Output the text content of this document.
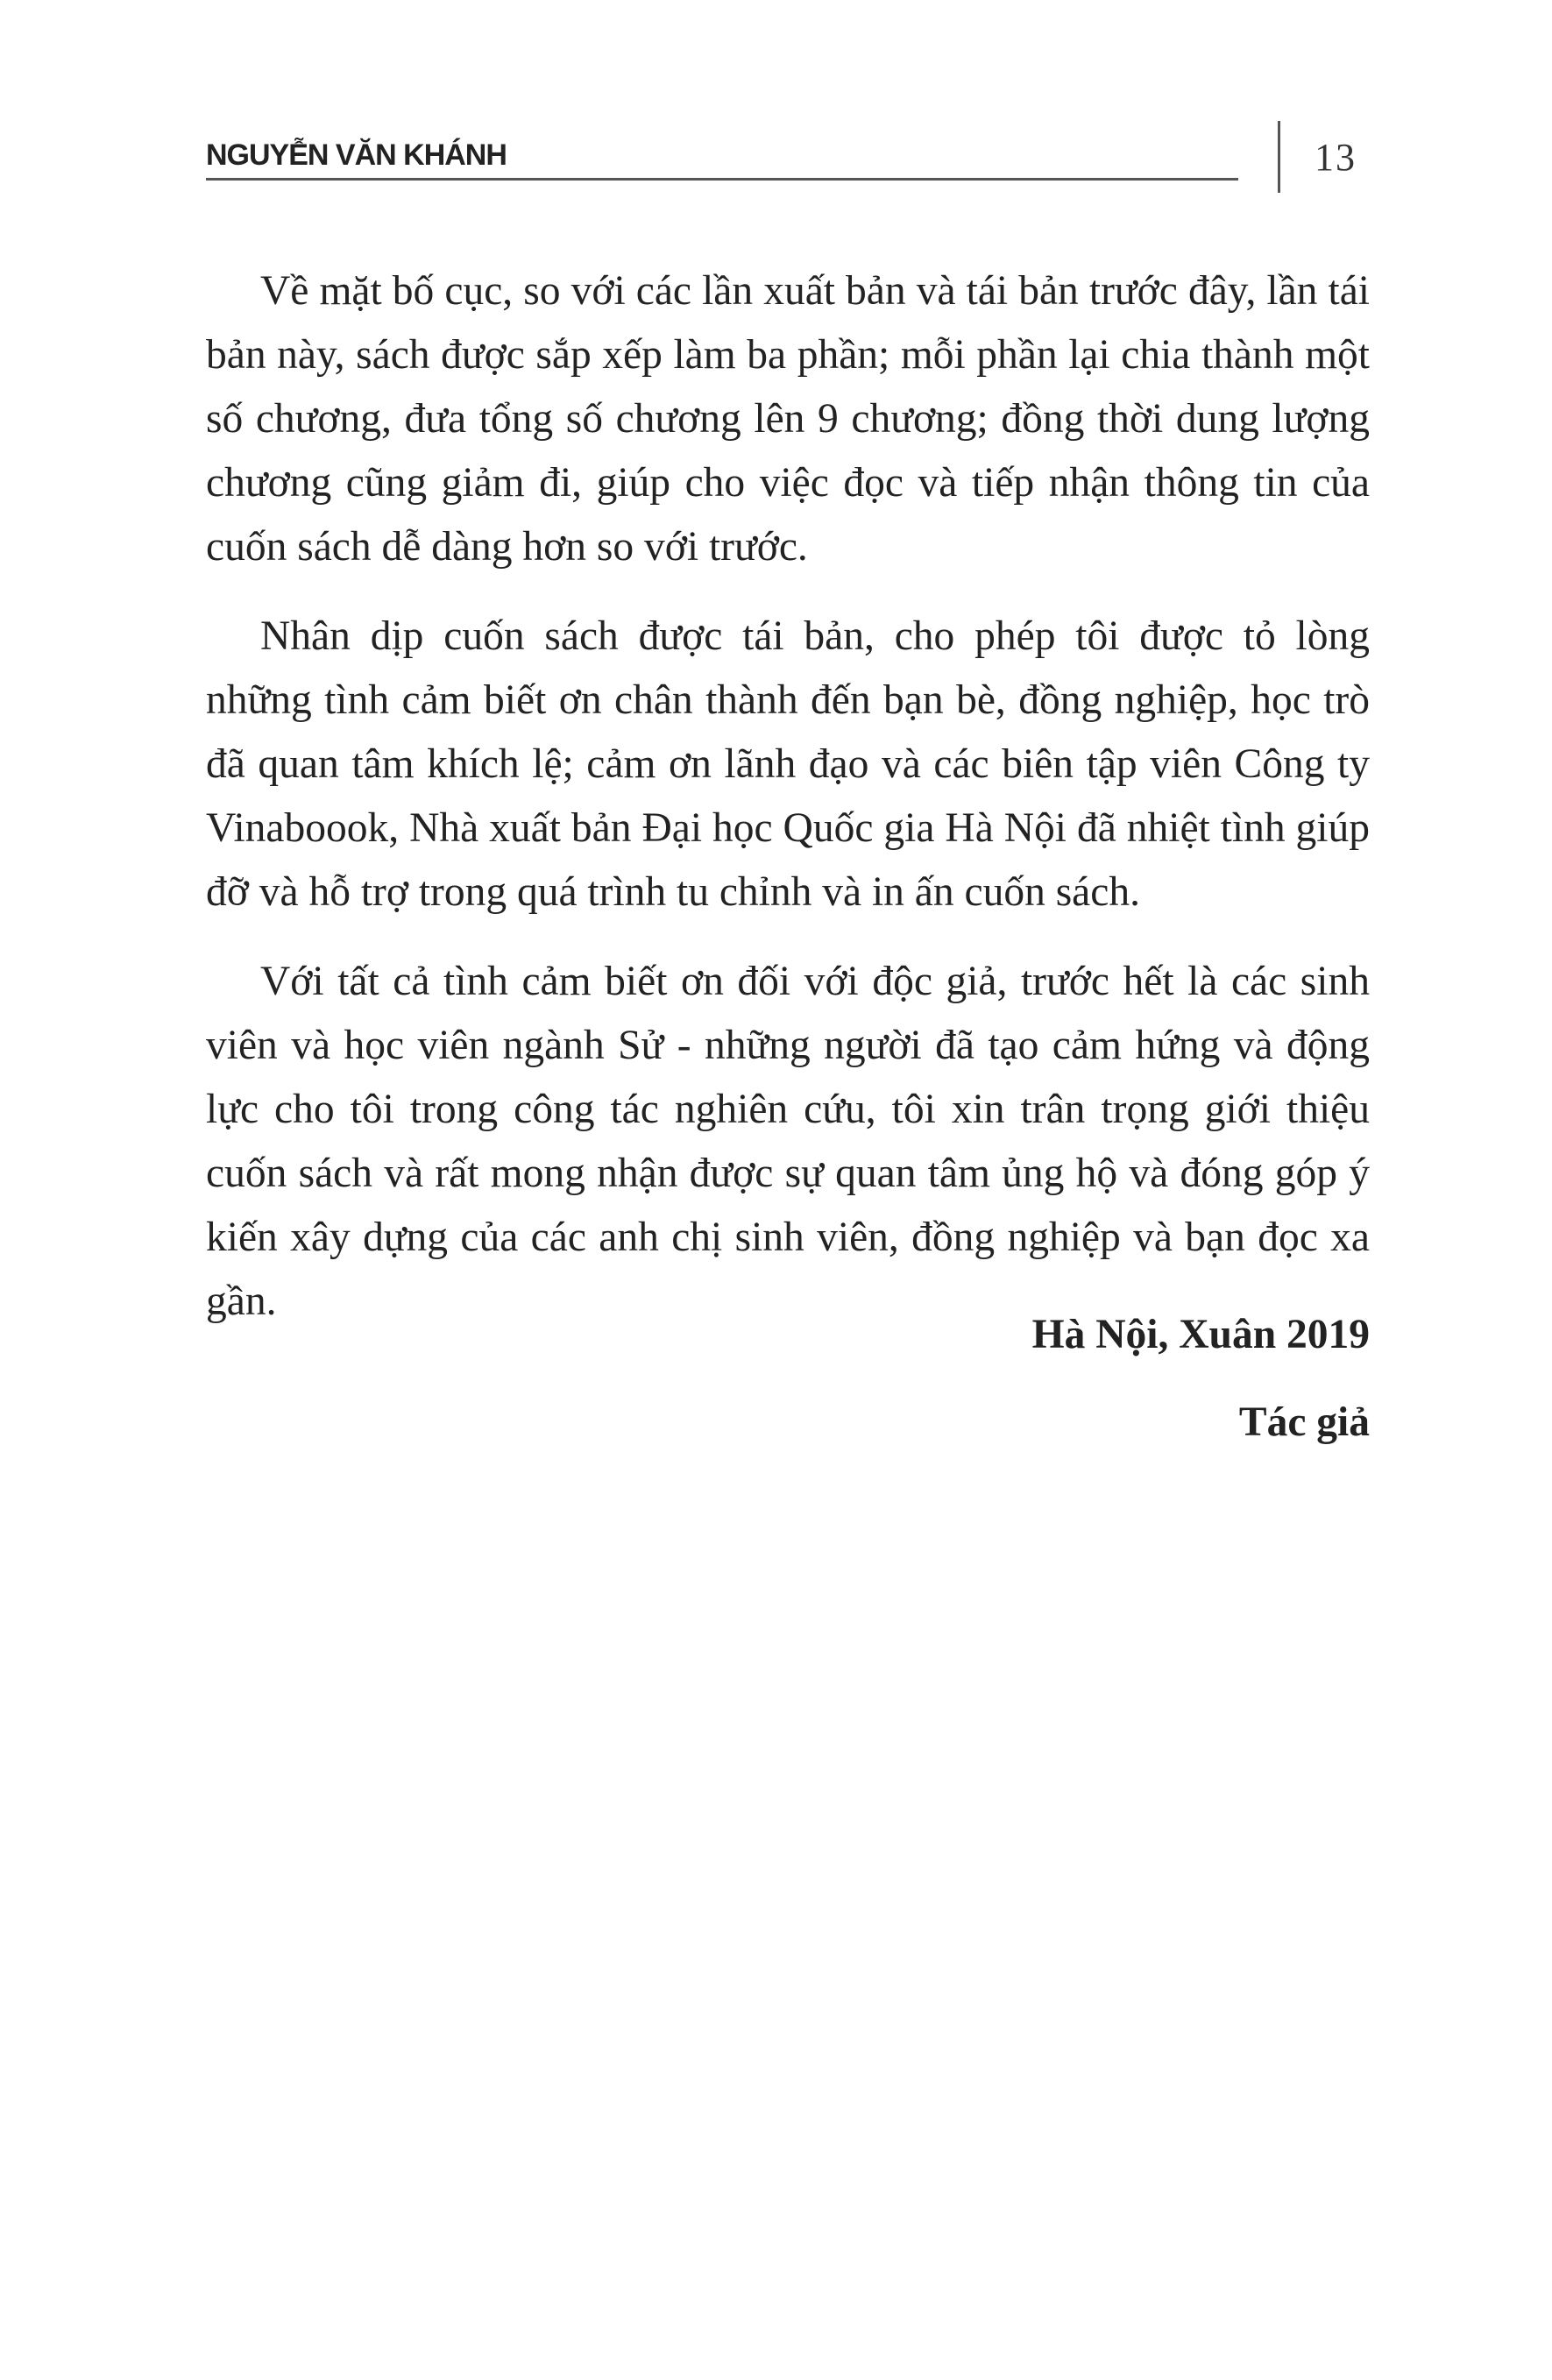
NGUYỄN VĂN KHÁNH	13

Về mặt bố cục, so với các lần xuất bản và tái bản trước đây, lần tái bản này, sách được sắp xếp làm ba phần; mỗi phần lại chia thành một số chương, đưa tổng số chương lên 9 chương; đồng thời dung lượng chương cũng giảm đi, giúp cho việc đọc và tiếp nhận thông tin của cuốn sách dễ dàng hơn so với trước.

Nhân dịp cuốn sách được tái bản, cho phép tôi được tỏ lòng những tình cảm biết ơn chân thành đến bạn bè, đồng nghiệp, học trò đã quan tâm khích lệ; cảm ơn lãnh đạo và các biên tập viên Công ty Vinaboook, Nhà xuất bản Đại học Quốc gia Hà Nội đã nhiệt tình giúp đỡ và hỗ trợ trong quá trình tu chỉnh và in ấn cuốn sách.

Với tất cả tình cảm biết ơn đối với độc giả, trước hết là các sinh viên và học viên ngành Sử - những người đã tạo cảm hứng và động lực cho tôi trong công tác nghiên cứu, tôi xin trân trọng giới thiệu cuốn sách và rất mong nhận được sự quan tâm ủng hộ và đóng góp ý kiến xây dựng của các anh chị sinh viên, đồng nghiệp và bạn đọc xa gần.

Hà Nội, Xuân 2019
Tác giả
